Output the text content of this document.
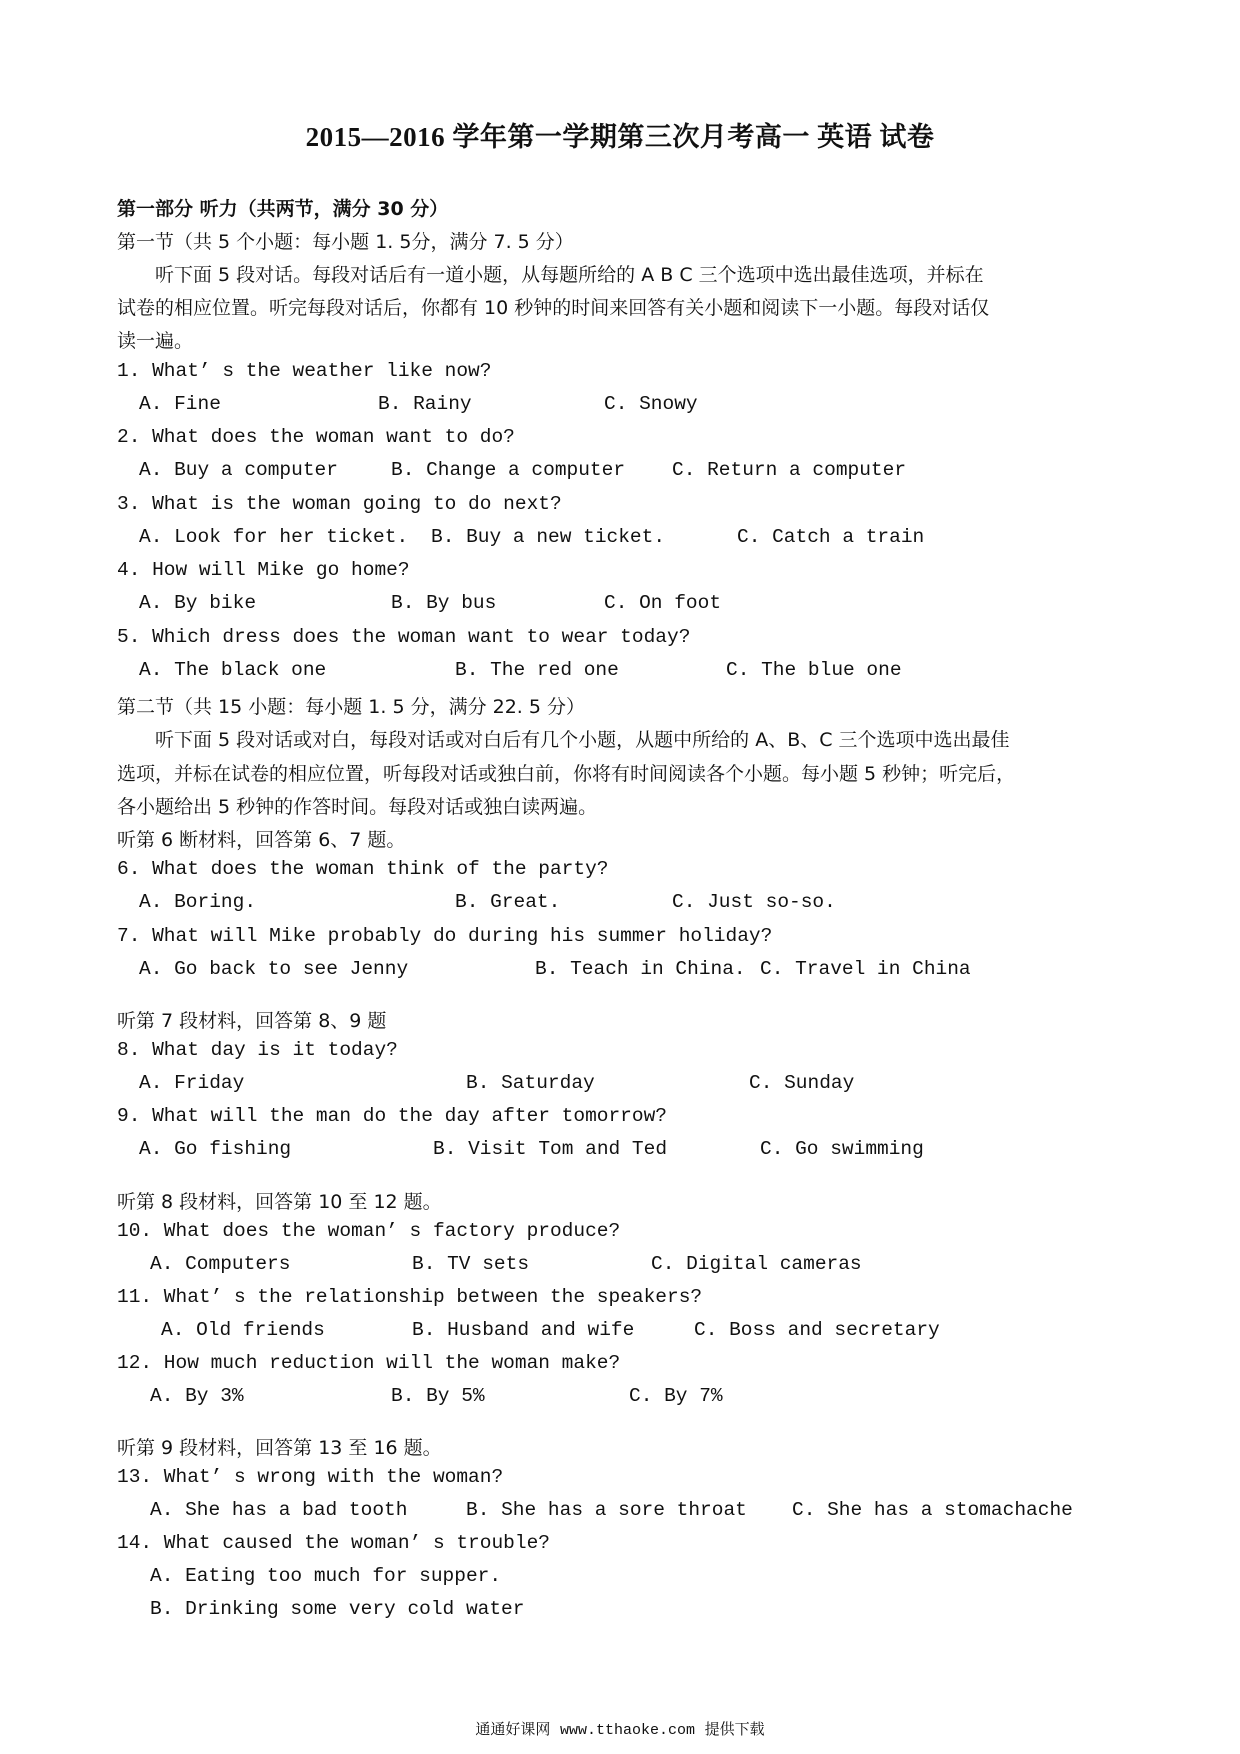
2015—2016 学年第一学期第三次月考高一 英语 试卷
第一部分 听力（共两节，满分 30 分）
第一节（共 5 个小题：每小题 1. 5分，满分 7. 5 分）
　　听下面 5 段对话。每段对话后有一道小题，从每题所给的 A B C 三个选项中选出最佳选项，并标在
试卷的相应位置。听完每段对话后，你都有 10 秒钟的时间来回答有关小题和阅读下一小题。每段对话仅
读一遍。
1. What’ s the weather like now?
A. Fine	B. Rainy	C. Snowy
2. What does the woman want to do?
A. Buy a computer	B. Change a computer C. Return a computer
3. What is the woman going to do next?
A. Look for her ticket. B. Buy a new ticket.	C. Catch a train
4. How will Mike go home?
A. By bike	B. By bus	C. On foot
5. Which dress does the woman want to wear today?
A. The black one	B. The red one	C. The blue one
第二节（共 15 小题：每小题 1. 5 分，满分 22. 5 分）
　　听下面 5 段对话或对白，每段对话或对白后有几个小题，从题中所给的 A、B、C 三个选项中选出最佳
选项，并标在试卷的相应位置，听每段对话或独白前，你将有时间阅读各个小题。每小题 5 秒钟；听完后，
各小题给出 5 秒钟的作答时间。每段对话或独白读两遍。
听第 6 断材料，回答第 6、7 题。
6. What does the woman think of the party?
A. Boring.	B. Great.	C. Just so-so.
7. What will Mike probably do during his summer holiday?
A. Go back to see Jenny	B. Teach in China. C. Travel in China
听第 7 段材料，回答第 8、9 题
8. What day is it today?
A. Friday	B. Saturday	C. Sunday
9. What will the man do the day after tomorrow?
A. Go fishing	B. Visit Tom and Ted	C. Go swimming
听第 8 段材料，回答第 10 至 12 题。
10. What does the woman’ s factory produce?
A. Computers	B. TV sets	C. Digital cameras
11. What’ s the relationship between the speakers?
A. Old friends	B. Husband and wife	C. Boss and secretary
12. How much reduction will the woman make?
A. By 3%	B. By 5%	C. By 7%
听第 9 段材料，回答第 13 至 16 题。
13. What’ s wrong with the woman?
A. She has a bad tooth	B. She has a sore throat C. She has a stomachache
14. What caused the woman’ s trouble?
A. Eating too much for supper.
B. Drinking some very cold water
通通好课网 www.tthaoke.com 提供下载
